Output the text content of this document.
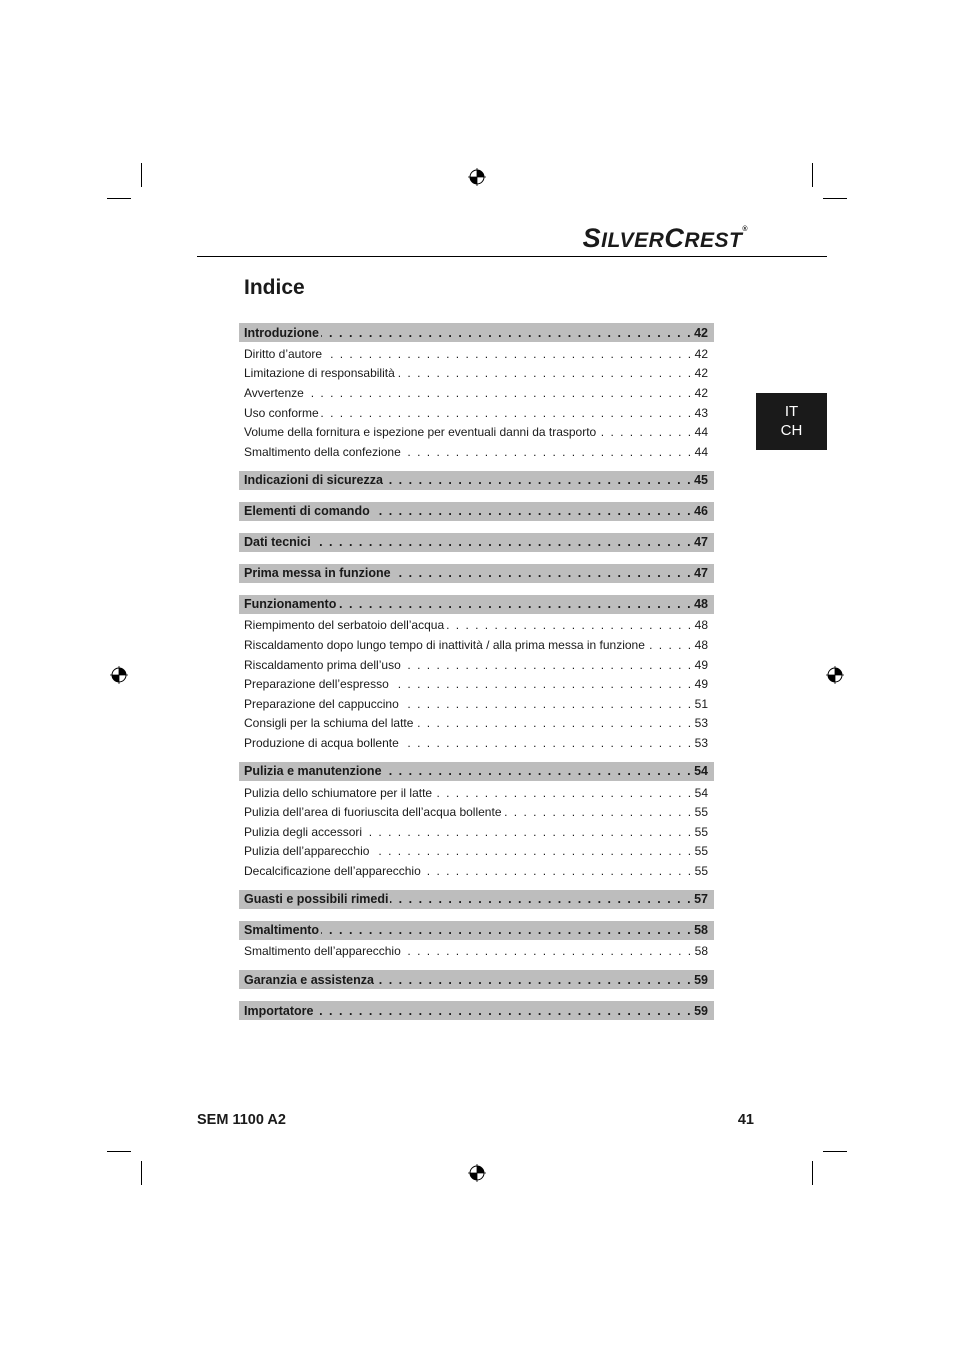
SILVERCREST®
Indice
IT
CH
Introduzione . . .	42
Diritto d’autore . . .	42
Limitazione di responsabilità . . .	42
Avvertenze . . .	42
Uso conforme . . .	43
Volume della fornitura e ispezione per eventuali danni da trasporto . . .	44
Smaltimento della confezione . . .	44
Indicazioni di sicurezza . . .	45
Elementi di comando . . .	46
Dati tecnici . . .	47
Prima messa in funzione . . .	47
Funzionamento . . .	48
Riempimento del serbatoio dell’acqua . . .	48
Riscaldamento dopo lungo tempo di inattività / alla prima messa in funzione . . .	48
Riscaldamento prima dell’uso . . .	49
Preparazione dell’espresso . . .	49
Preparazione del cappuccino . . .	51
Consigli per la schiuma del latte . . .	53
Produzione di acqua bollente . . .	53
Pulizia e manutenzione . . .	54
Pulizia dello schiumatore per il latte . . .	54
Pulizia dell’area di fuoriuscita dell’acqua bollente . . .	55
Pulizia degli accessori . . .	55
Pulizia dell’apparecchio . . .	55
Decalcificazione dell’apparecchio . . .	55
Guasti e possibili rimedi . . .	57
Smaltimento . . .	58
Smaltimento dell’apparecchio . . .	58
Garanzia e assistenza . . .	59
Importatore . . .	59
SEM 1100 A2	41
